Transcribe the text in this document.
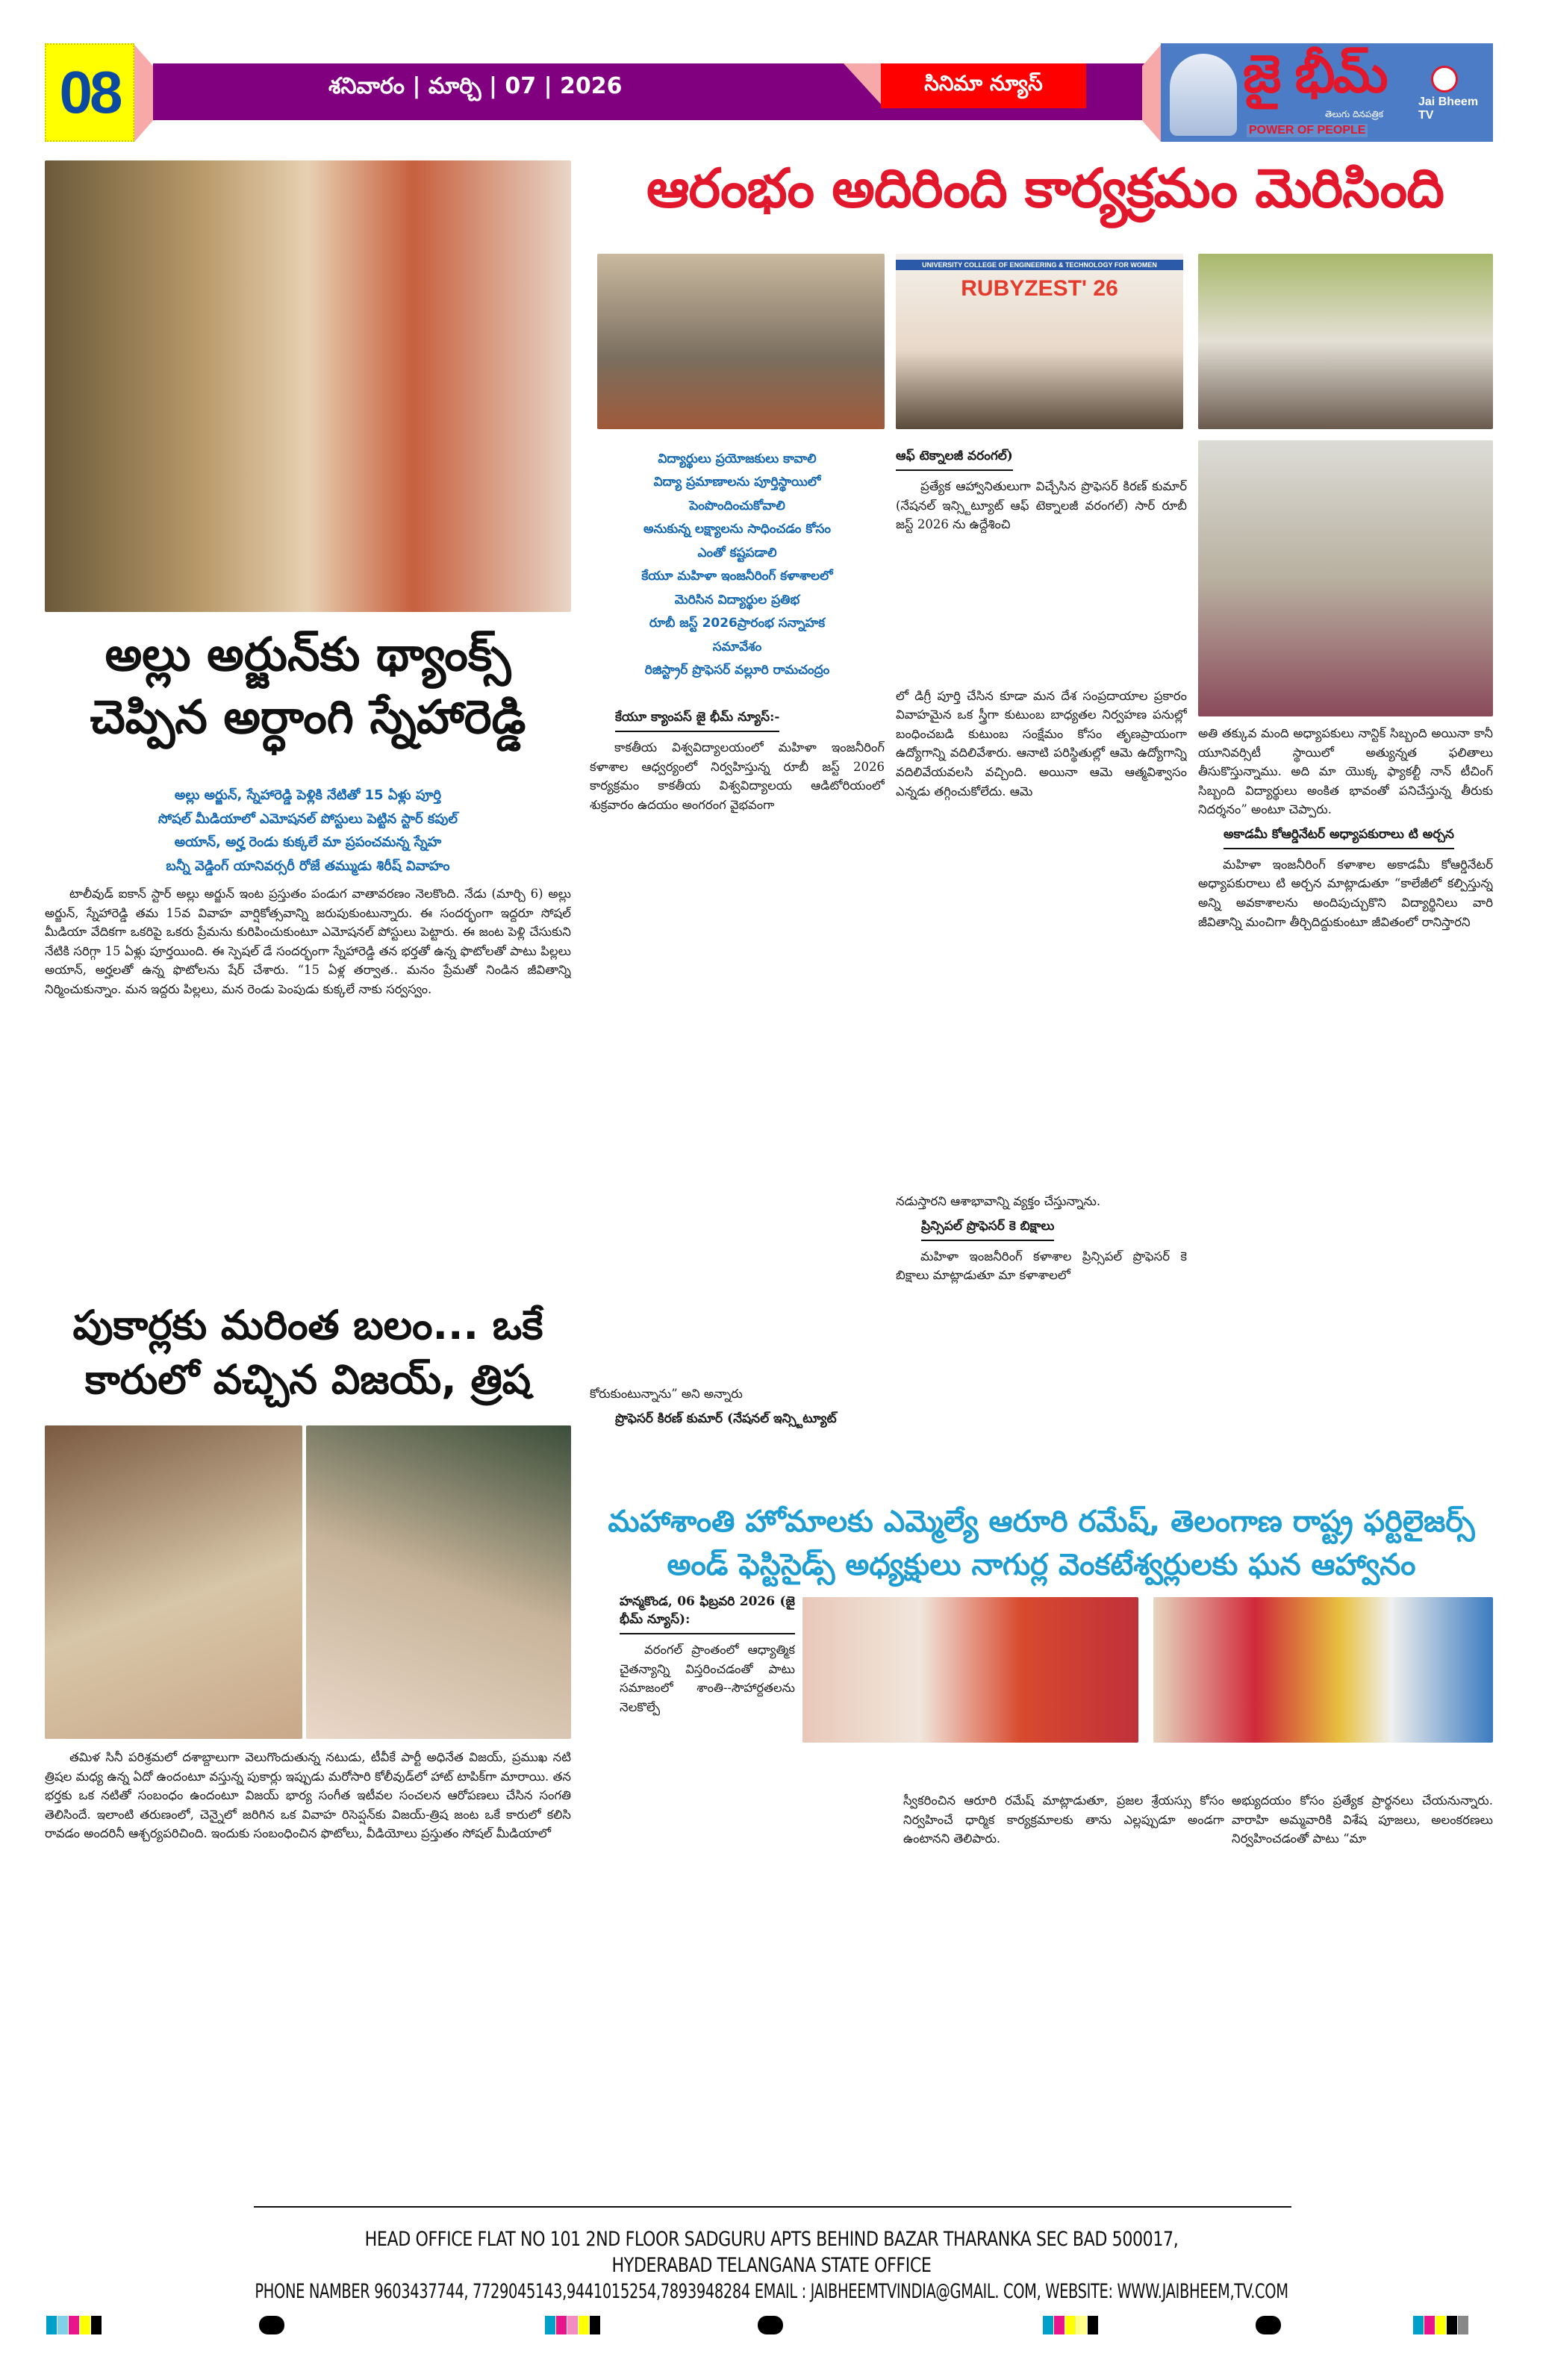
08	శనివారం | మార్చి | 07 | 2026	సినిమా న్యూస్	జై భీమ్
తెలుగు దినపత్రిక
POWER OF PEOPLE
Jai Bheem TV
అల్లు అర్జున్‌కు థ్యాంక్స్ చెప్పిన అర్ధాంగి స్నేహారెడ్డి
అల్లు అర్జున్, స్నేహారెడ్డి పెళ్లికి నేటితో 15 ఏళ్లు పూర్తి
సోషల్ మీడియాలో ఎమోషనల్ పోస్టులు పెట్టిన స్టార్ కపుల్
అయాన్, అర్హ రెండు కుక్కలే మా ప్రపంచమన్న స్నేహ
బన్నీ వెడ్డింగ్ యానివర్సరీ రోజే తమ్ముడు శిరీష్ వివాహం

టాలీవుడ్ ఐకాన్ స్టార్ అల్లు అర్జున్ ఇంట ప్రస్తుతం పండుగ వాతావరణం నెలకొంది. నేడు (మార్చి 6) అల్లు అర్జున్, స్నేహారెడ్డి తమ 15వ వివాహ వార్షికోత్సవాన్ని జరుపుకుంటున్నారు. ఈ సందర్భంగా ఇద్దరూ సోషల్ మీడియా వేదికగా ఒకరిపై ఒకరు ప్రేమను కురిపించుకుంటూ ఎమోషనల్ పోస్టులు పెట్టారు. ఈ జంట పెళ్లి చేసుకుని నేటికి సరిగ్గా 15 ఏళ్లు పూర్తయింది. ఈ స్పెషల్ డే సందర్భంగా స్నేహారెడ్డి తన భర్తతో ఉన్న ఫొటోలతో పాటు పిల్లలు అయాన్, అర్హలతో ఉన్న ఫొటోలను షేర్ చేశారు. “15 ఏళ్ల తర్వాత.. మనం ప్రేమతో నిండిన జీవితాన్ని నిర్మించుకున్నాం. మన ఇద్దరు పిల్లలు, మన రెండు పెంపుడు కుక్కలే నాకు సర్వస్వం.

పుకార్లకు మరింత బలం... ఒకే కారులో వచ్చిన విజయ్, త్రిష

తమిళ సినీ పరిశ్రమలో దశాబ్దాలుగా వెలుగొందుతున్న నటుడు, టీవీకే పార్టీ అధినేత విజయ్, ప్రముఖ నటి త్రిషల మధ్య ఉన్న ఏదో ఉందంటూ వస్తున్న పుకార్లు ఇప్పుడు మరోసారి కోలీవుడ్‌లో హాట్ టాపిక్‌గా మారాయి. తన భర్తకు ఒక నటితో సంబంధం ఉందంటూ విజయ్ భార్య సంగీత ఇటీవల సంచలన ఆరోపణలు చేసిన సంగతి తెలిసిందే. ఇలాంటి తరుణంలో, చెన్నైలో జరిగిన ఒక వివాహ రిసెప్షన్‌కు విజయ్-త్రిష జంట ఒకే కారులో కలిసి రావడం అందరినీ ఆశ్చర్యపరిచింది. ఇందుకు సంబంధించిన ఫొటోలు, వీడియోలు ప్రస్తుతం సోషల్ మీడియాలో

ఆరంభం అదిరింది కార్యక్రమం మెరిసింది
UNIVERSITY COLLEGE OF ENGINEERING & TECHNOLOGY FOR WOMEN
RUBYZEST' 26
విద్యార్థులు ప్రయోజకులు కావాలి
విద్యా ప్రమాణాలను పూర్తిస్థాయిలో
పెంపొందించుకోవాలి
అనుకున్న లక్ష్యాలను సాధించడం కోసం
ఎంతో కష్టపడాలి
కేయూ మహిళా ఇంజనీరింగ్ కళాశాలలో
మెరిసిన విద్యార్థుల ప్రతిభ
రూబీ జస్ట్ 2026ప్రారంభ సన్నాహక
సమావేశం
రిజిస్ట్రార్ ప్రొఫెసర్ వల్లూరి రామచంద్రం
కేయూ క్యాంపస్ జై భీమ్ న్యూస్:-

కాకతీయ విశ్వవిద్యాలయంలో మహిళా ఇంజనీరింగ్ కళాశాల ఆధ్వర్యంలో నిర్వహిస్తున్న రూబీ జస్ట్ 2026 కార్యక్రమం కాకతీయ విశ్వవిద్యాలయ ఆడిటోరియంలో శుక్రవారం ఉదయం అంగరంగ వైభవంగా

కోరుకుంటున్నాను” అని అన్నారు

ప్రొఫెసర్ కిరణ్ కుమార్ (నేషనల్ ఇన్స్టిట్యూట్
ఆఫ్ టెక్నాలజీ వరంగల్)

ప్రత్యేక ఆహ్వానితులుగా విచ్చేసిన ప్రొఫెసర్ కిరణ్ కుమార్ (నేషనల్ ఇన్స్టిట్యూట్ ఆఫ్ టెక్నాలజీ వరంగల్) సార్ రూబీ జస్ట్ 2026 ను ఉద్దేశించి

లో డిగ్రీ పూర్తి చేసిన కూడా మన దేశ సంప్రదాయాల ప్రకారం వివాహమైన ఒక స్త్రీగా కుటుంబ బాధ్యతల నిర్వహణ పనుల్లో బంధించబడి కుటుంబ సంక్షేమం కోసం తృణప్రాయంగా ఉద్యోగాన్ని వదిలివేశారు. ఆనాటి పరిస్థితుల్లో ఆమె ఉద్యోగాన్ని వదిలివేయవలసి వచ్చింది. అయినా ఆమె ఆత్మవిశ్వాసం ఎన్నడు తగ్గించుకోలేదు. ఆమె

నడుస్తారని ఆశాభావాన్ని వ్యక్తం చేస్తున్నాను.

ప్రిన్సిపల్ ప్రొఫెసర్ కె బిక్షాలు

మహిళా ఇంజనీరింగ్ కళాశాల ప్రిన్సిపల్ ప్రొఫెసర్ కె బిక్షాలు మాట్లాడుతూ మా కళాశాలలో

అతి తక్కువ మంది అధ్యాపకులు నాన్టిక్ సిబ్బంది అయినా కానీ యూనివర్సిటీ స్థాయిలో అత్యున్నత ఫలితాలు తీసుకొస్తున్నాము. అది మా యొక్క ఫ్యాకల్టీ నాన్ టీచింగ్ సిబ్బంది విద్యార్థులు అంకిత భావంతో పనిచేస్తున్న తీరుకు నిదర్శనం” అంటూ చెప్పారు.

అకాడమీ కోఆర్డినేటర్ అధ్యాపకురాలు టి అర్చన

మహిళా ఇంజనీరింగ్ కళాశాల అకాడమీ కోఆర్డినేటర్ అధ్యాపకురాలు టి అర్చన మాట్లాడుతూ “కాలేజీలో కల్పిస్తున్న అన్ని అవకాశాలను అందిపుచ్చుకొని విద్యార్థినిలు వారి జీవితాన్ని మంచిగా తీర్చిదిద్దుకుంటూ జీవితంలో రానిస్తారని

మహాశాంతి హోమాలకు ఎమ్మెల్యే ఆరూరి రమేష్, తెలంగాణ రాష్ట్ర ఫర్టిలైజర్స్ అండ్ ఫెస్టిసైడ్స్ అధ్యక్షులు నాగుర్ల వెంకటేశ్వర్లులకు ఘన ఆహ్వానం
హన్మకొండ, 06 ఫిబ్రవరి 2026 (జై భీమ్ న్యూస్):

వరంగల్ ప్రాంతంలో ఆధ్యాత్మిక చైతన్యాన్ని విస్తరించడంతో పాటు సమాజంలో శాంతి--సౌహార్దతలను నెలకొల్పే

స్వీకరించిన ఆరూరి రమేష్ మాట్లాడుతూ, ప్రజల శ్రేయస్సు కోసం నిర్వహించే ధార్మిక కార్యక్రమాలకు తాను ఎల్లప్పుడూ అండగా ఉంటానని తెలిపారు.

అభ్యుదయం కోసం ప్రత్యేక ప్రార్థనలు చేయనున్నారు. వారాహి అమ్మవారికి విశేష పూజలు, అలంకరణలు నిర్వహించడంతో పాటు “మా

HEAD OFFICE FLAT NO 101 2ND FLOOR SADGURU APTS BEHIND BAZAR THARANKA SEC BAD 500017,
HYDERABAD TELANGANA STATE OFFICE
PHONE NAMBER 9603437744, 7729045143,9441015254,7893948284 EMAIL : JAIBHEEMTVINDIA@GMAIL. COM, WEBSITE: WWW.JAIBHEEM,TV.COM
